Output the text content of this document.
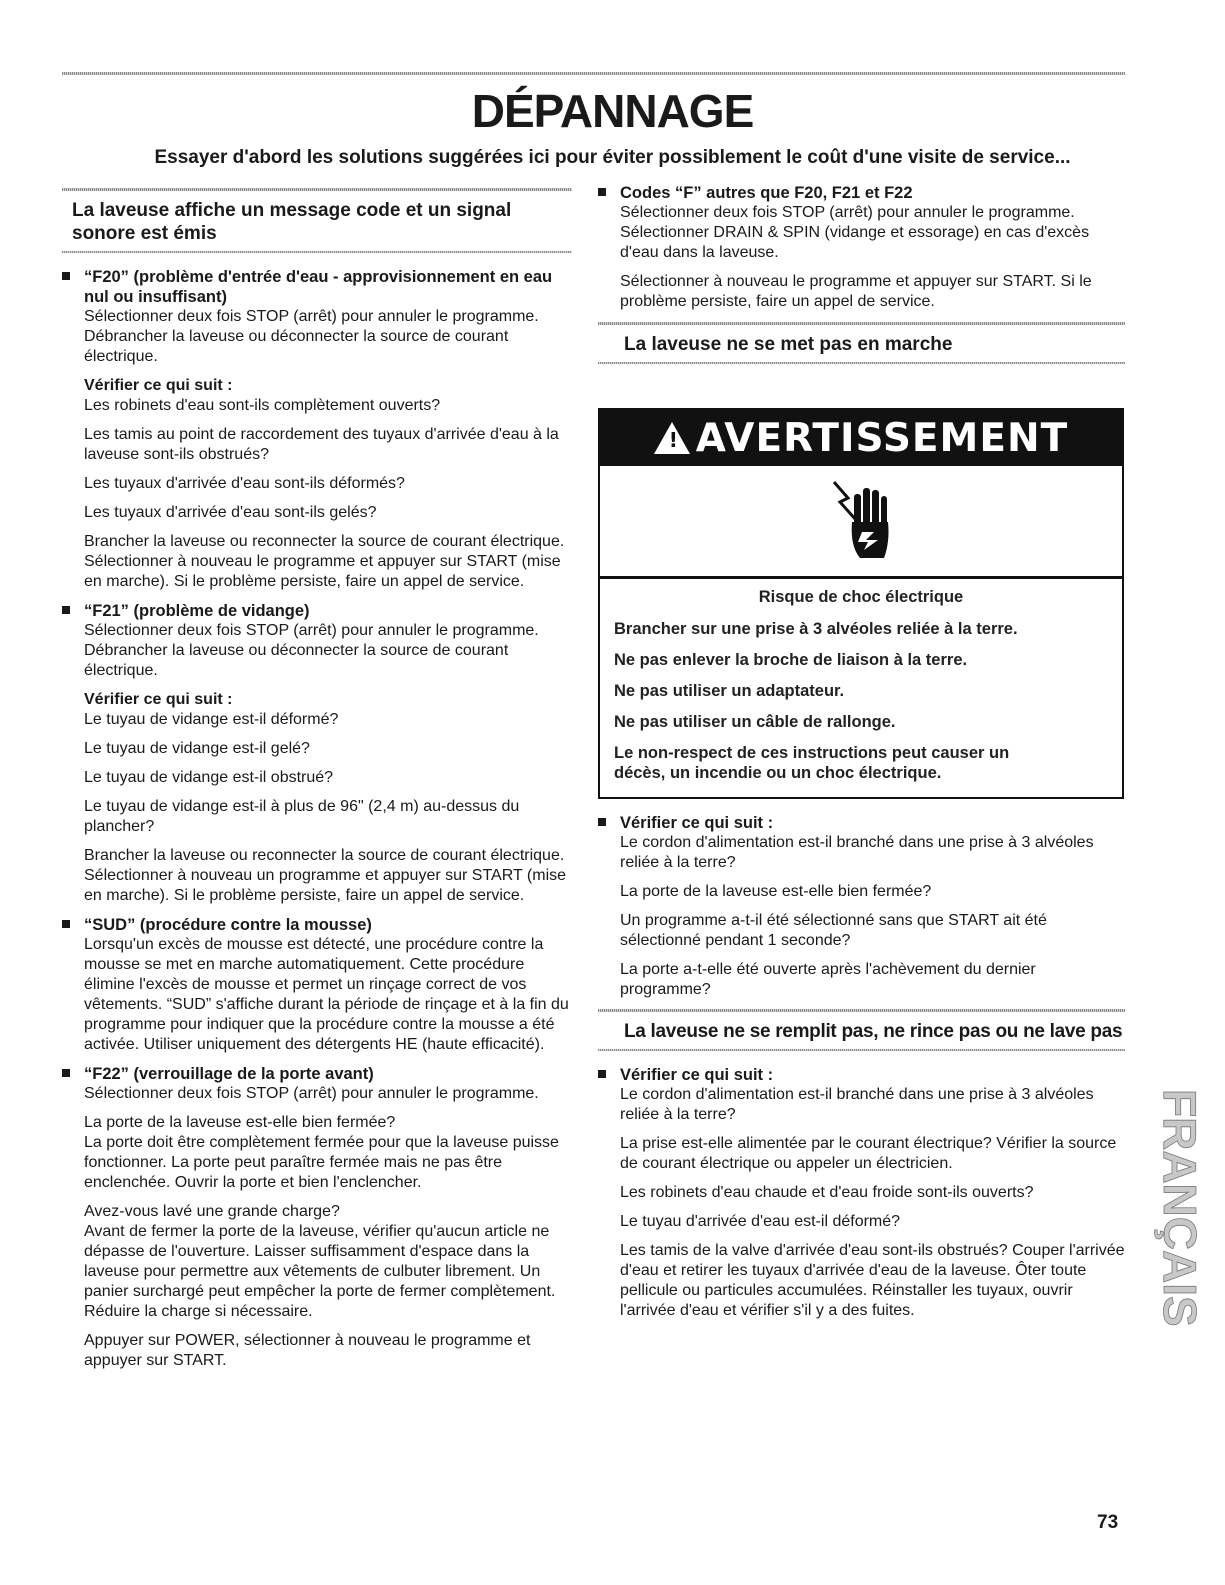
DÉPANNAGE

Essayer d'abord les solutions suggérées ici pour éviter possiblement le coût d'une visite de service...

La laveuse affiche un message code et un signal sonore est émis
“F20” (problème d'entrée d'eau - approvisionnement en eau nul ou insuffisant)

Sélectionner deux fois STOP (arrêt) pour annuler le programme. Débrancher la laveuse ou déconnecter la source de courant électrique.

Vérifier ce qui suit :

Les robinets d'eau sont-ils complètement ouverts?

Les tamis au point de raccordement des tuyaux d'arrivée d'eau à la laveuse sont-ils obstrués?

Les tuyaux d'arrivée d'eau sont-ils déformés?

Les tuyaux d'arrivée d'eau sont-ils gelés?

Brancher la laveuse ou reconnecter la source de courant électrique. Sélectionner à nouveau le programme et appuyer sur START (mise en marche). Si le problème persiste, faire un appel de service.

“F21” (problème de vidange)

Sélectionner deux fois STOP (arrêt) pour annuler le programme. Débrancher la laveuse ou déconnecter la source de courant électrique.

Vérifier ce qui suit :

Le tuyau de vidange est-il déformé?

Le tuyau de vidange est-il gelé?

Le tuyau de vidange est-il obstrué?

Le tuyau de vidange est-il à plus de 96" (2,4 m) au-dessus du plancher?

Brancher la laveuse ou reconnecter la source de courant électrique. Sélectionner à nouveau un programme et appuyer sur START (mise en marche). Si le problème persiste, faire un appel de service.

“SUD” (procédure contre la mousse)

Lorsqu'un excès de mousse est détecté, une procédure contre la mousse se met en marche automatiquement. Cette procédure élimine l'excès de mousse et permet un rinçage correct de vos vêtements. “SUD” s'affiche durant la période de rinçage et à la fin du programme pour indiquer que la procédure contre la mousse a été activée. Utiliser uniquement des détergents HE (haute efficacité).

“F22” (verrouillage de la porte avant)

Sélectionner deux fois STOP (arrêt) pour annuler le programme.

La porte de la laveuse est-elle bien fermée?

La porte doit être complètement fermée pour que la laveuse puisse fonctionner. La porte peut paraître fermée mais ne pas être enclenchée. Ouvrir la porte et bien l'enclencher.

Avez-vous lavé une grande charge?

Avant de fermer la porte de la laveuse, vérifier qu'aucun article ne dépasse de l'ouverture. Laisser suffisamment d'espace dans la laveuse pour permettre aux vêtements de culbuter librement. Un panier surchargé peut empêcher la porte de fermer complètement. Réduire la charge si nécessaire.

Appuyer sur POWER, sélectionner à nouveau le programme et appuyer sur START.

Codes “F” autres que F20, F21 et F22

Sélectionner deux fois STOP (arrêt) pour annuler le programme. Sélectionner DRAIN & SPIN (vidange et essorage) en cas d'excès d'eau dans la laveuse.

Sélectionner à nouveau le programme et appuyer sur START. Si le problème persiste, faire un appel de service.

La laveuse ne se met pas en marche
! AVERTISSEMENT

Risque de choc électrique

Brancher sur une prise à 3 alvéoles reliée à la terre.

Ne pas enlever la broche de liaison à la terre.

Ne pas utiliser un adaptateur.

Ne pas utiliser un câble de rallonge.

Le non-respect de ces instructions peut causer un décès, un incendie ou un choc électrique.

Vérifier ce qui suit :

Le cordon d'alimentation est-il branché dans une prise à 3 alvéoles reliée à la terre?

La porte de la laveuse est-elle bien fermée?

Un programme a-t-il été sélectionné sans que START ait été sélectionné pendant 1 seconde?

La porte a-t-elle été ouverte après l'achèvement du dernier programme?

La laveuse ne se remplit pas, ne rince pas ou ne lave pas
Vérifier ce qui suit :

Le cordon d'alimentation est-il branché dans une prise à 3 alvéoles reliée à la terre?

La prise est-elle alimentée par le courant électrique? Vérifier la source de courant électrique ou appeler un électricien.

Les robinets d'eau chaude et d'eau froide sont-ils ouverts?

Le tuyau d'arrivée d'eau est-il déformé?

Les tamis de la valve d'arrivée d'eau sont-ils obstrués? Couper l'arrivée d'eau et retirer les tuyaux d'arrivée d'eau de la laveuse. Ôter toute pellicule ou particules accumulées. Réinstaller les tuyaux, ouvrir l'arrivée d'eau et vérifier s'il y a des fuites.	FRANÇAIS
73
